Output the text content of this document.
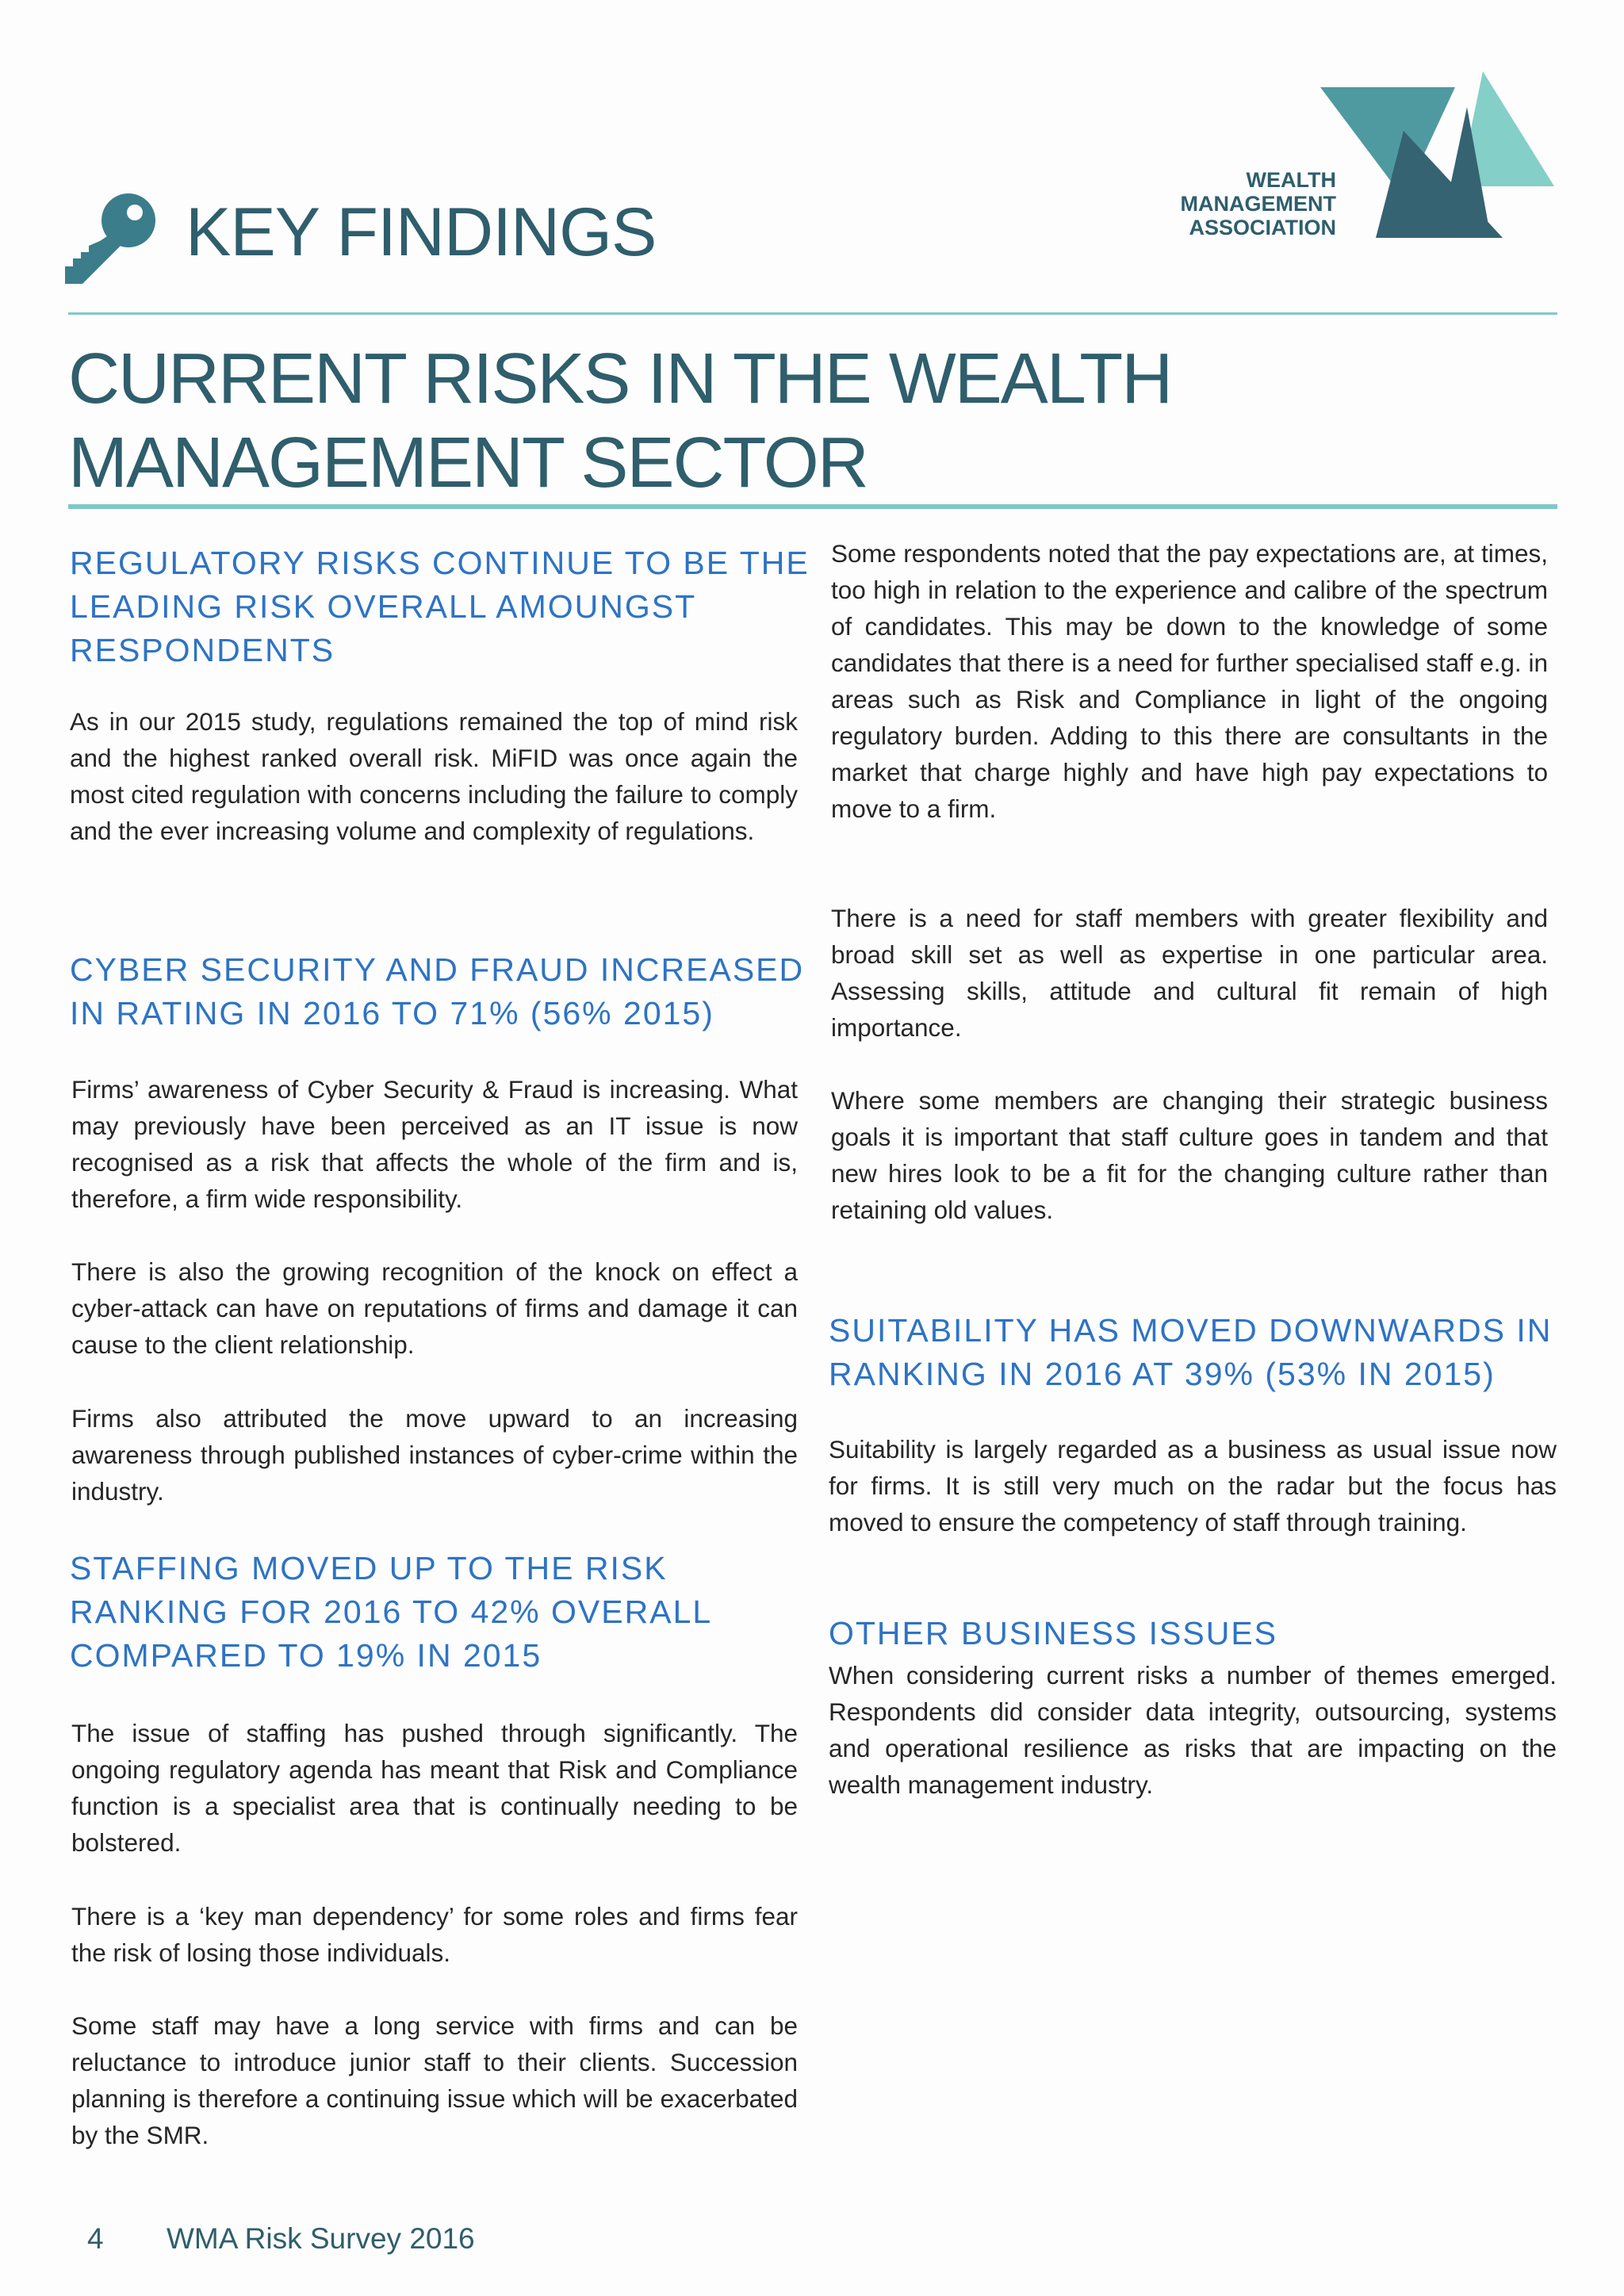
KEY FINDINGS
WEALTH
MANAGEMENT
ASSOCIATION
CURRENT RISKS IN THE WEALTH
MANAGEMENT SECTOR
REGULATORY RISKS CONTINUE TO BE THE
LEADING RISK OVERALL AMOUNGST
RESPONDENTS
As in our 2015 study, regulations remained the top of mind risk and the highest ranked overall risk. MiFID was once again the most cited regulation with concerns including the failure to comply and the ever increasing volume and complexity of regulations.
CYBER SECURITY AND FRAUD INCREASED
IN RATING IN 2016 TO 71% (56% 2015)
Firms’ awareness of Cyber Security & Fraud is increasing. What may previously have been perceived as an IT issue is now recognised as a risk that affects the whole of the firm and is, therefore, a firm wide responsibility.
There is also the growing recognition of the knock on effect a cyber-attack can have on reputations of firms and damage it can cause to the client relationship.
Firms also attributed the move upward to an increasing awareness through published instances of cyber-crime within the industry.
STAFFING MOVED UP TO THE RISK
RANKING FOR 2016 TO 42% OVERALL
COMPARED TO 19% IN 2015
The issue of staffing has pushed through significantly. The ongoing regulatory agenda has meant that Risk and Compliance function is a specialist area that is continually needing to be bolstered.
There is a ‘key man dependency’ for some roles and firms fear the risk of losing those individuals.
Some staff may have a long service with firms and can be reluctance to introduce junior staff to their clients. Succession planning is therefore a continuing issue which will be exacerbated by the SMR.
Some respondents noted that the pay expectations are, at times, too high in relation to the experience and calibre of the spectrum of candidates. This may be down to the knowledge of some candidates that there is a need for further specialised staff e.g. in areas such as Risk and Compliance in light of the ongoing regulatory burden. Adding to this there are consultants in the market that charge highly and have high pay expectations to move to a firm.
There is a need for staff members with greater flexibility and broad skill set as well as expertise in one particular area. Assessing skills, attitude and cultural fit remain of high importance.
Where some members are changing their strategic business goals it is important that staff culture goes in tandem and that new hires look to be a fit for the changing culture rather than retaining old values.
SUITABILITY HAS MOVED DOWNWARDS IN
RANKING IN 2016 AT 39% (53% IN 2015)
Suitability is largely regarded as a business as usual issue now for firms. It is still very much on the radar but the focus has moved to ensure the competency of staff through training.
OTHER BUSINESS ISSUES
When considering current risks a number of themes emerged. Respondents did consider data integrity, outsourcing, systems and operational resilience as risks that are impacting on the wealth management industry.
4 WMA Risk Survey 2016
